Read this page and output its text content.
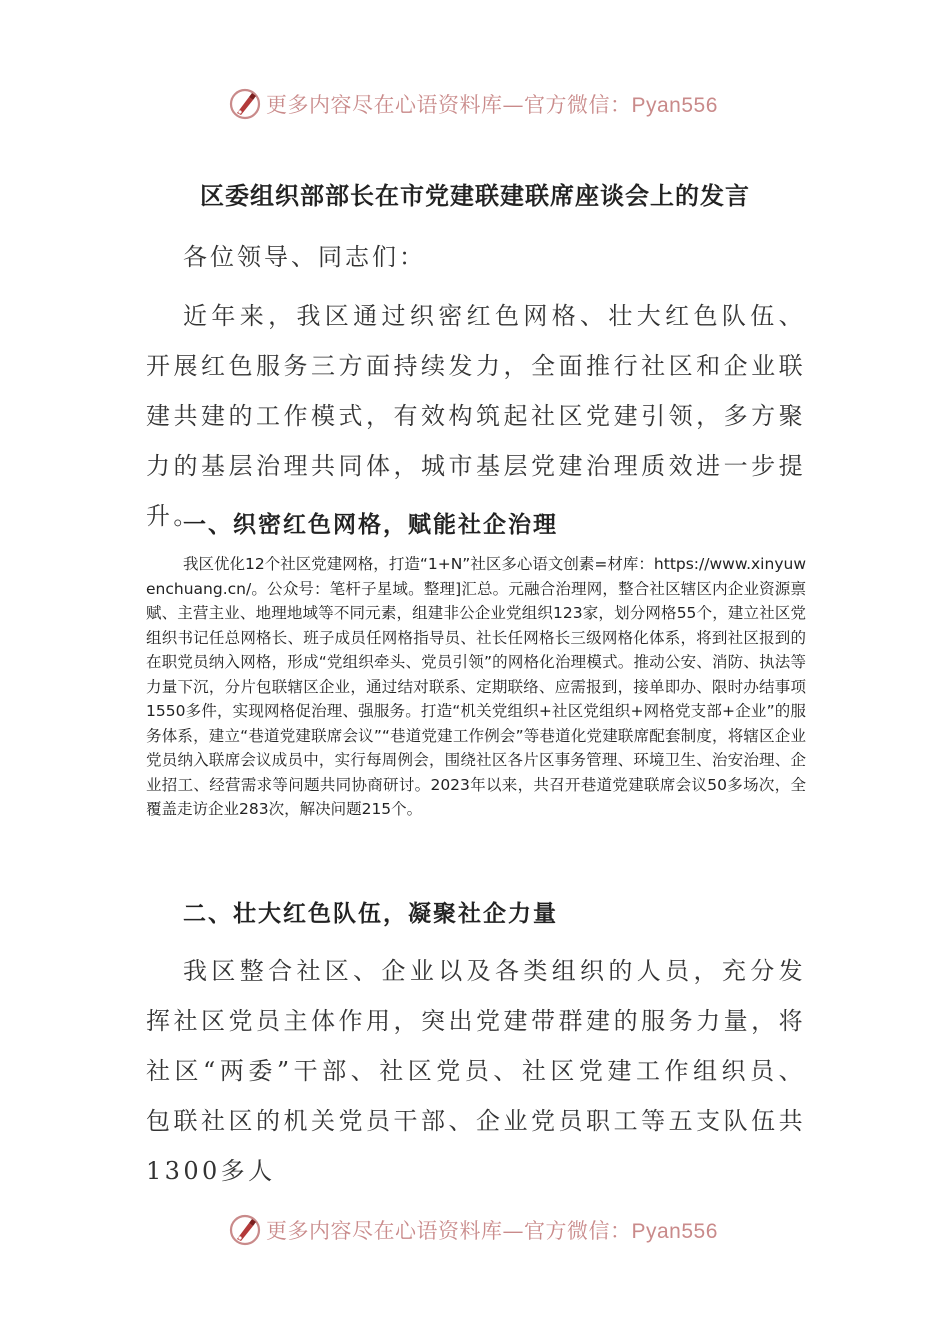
更多内容尽在心语资料库—官方微信：Pyan556
区委组织部部长在市党建联建联席座谈会上的发言
各位领导、同志们：

近年来，我区通过织密红色网格、壮大红色队伍、开展红色服务三方面持续发力，全面推行社区和企业联建共建的工作模式，有效构筑起社区党建引领，多方聚力的基层治理共同体，城市基层党建治理质效进一步提升。

一、织密红色网格，赋能社企治理

我区优化12个社区党建网格，打造“1+N”社区多心语文创素=材库：https://www.xinyuwenchuang.cn/。公众号：笔杆子星域。整理]汇总。元融合治理网，整合社区辖区内企业资源禀赋、主营主业、地理地域等不同元素，组建非公企业党组织123家，划分网格55个，建立社区党组织书记任总网格长、班子成员任网格指导员、社长任网格长三级网格化体系，将到社区报到的在职党员纳入网格，形成“党组织牵头、党员引领”的网格化治理模式。推动公安、消防、执法等力量下沉，分片包联辖区企业，通过结对联系、定期联络、应需报到，接单即办、限时办结事项1550多件，实现网格促治理、强服务。打造“机关党组织+社区党组织+网格党支部+企业”的服务体系，建立“巷道党建联席会议”“巷道党建工作例会”等巷道化党建联席配套制度，将辖区企业党员纳入联席会议成员中，实行每周例会，围绕社区各片区事务管理、环境卫生、治安治理、企业招工、经营需求等问题共同协商研讨。2023年以来，共召开巷道党建联席会议50多场次，全覆盖走访企业283次，解决问题215个。

二、壮大红色队伍，凝聚社企力量

我区整合社区、企业以及各类组织的人员，充分发挥社区党员主体作用，突出党建带群建的服务力量，将社区“两委”干部、社区党员、社区党建工作组织员、包联社区的机关党员干部、企业党员职工等五支队伍共1300多人

更多内容尽在心语资料库—官方微信：Pyan556
